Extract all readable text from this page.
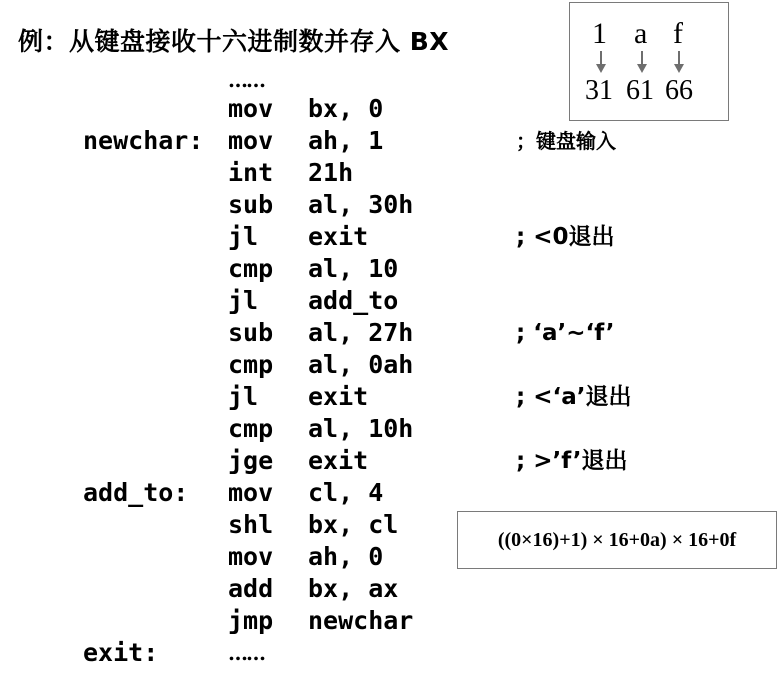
例：从键盘接收十六进制数并存入 BX
……
mov bx, 0
newchar: mov ah, 1	；键盘输入
int 21h
sub al, 30h
jl exit	; <0退出
cmp al, 10
jl add_to
sub al, 27h	; ‘a’~‘f’
cmp al, 0ah
jl exit	; <‘a’退出
cmp al, 10h
jge exit	; >’f’退出
add_to: mov cl, 4
shl bx, cl
mov ah, 0
add bx, ax
jmp newchar
exit:	……
1 a f
31 61 66
((0×16)+1) × 16+0a) × 16+0f
